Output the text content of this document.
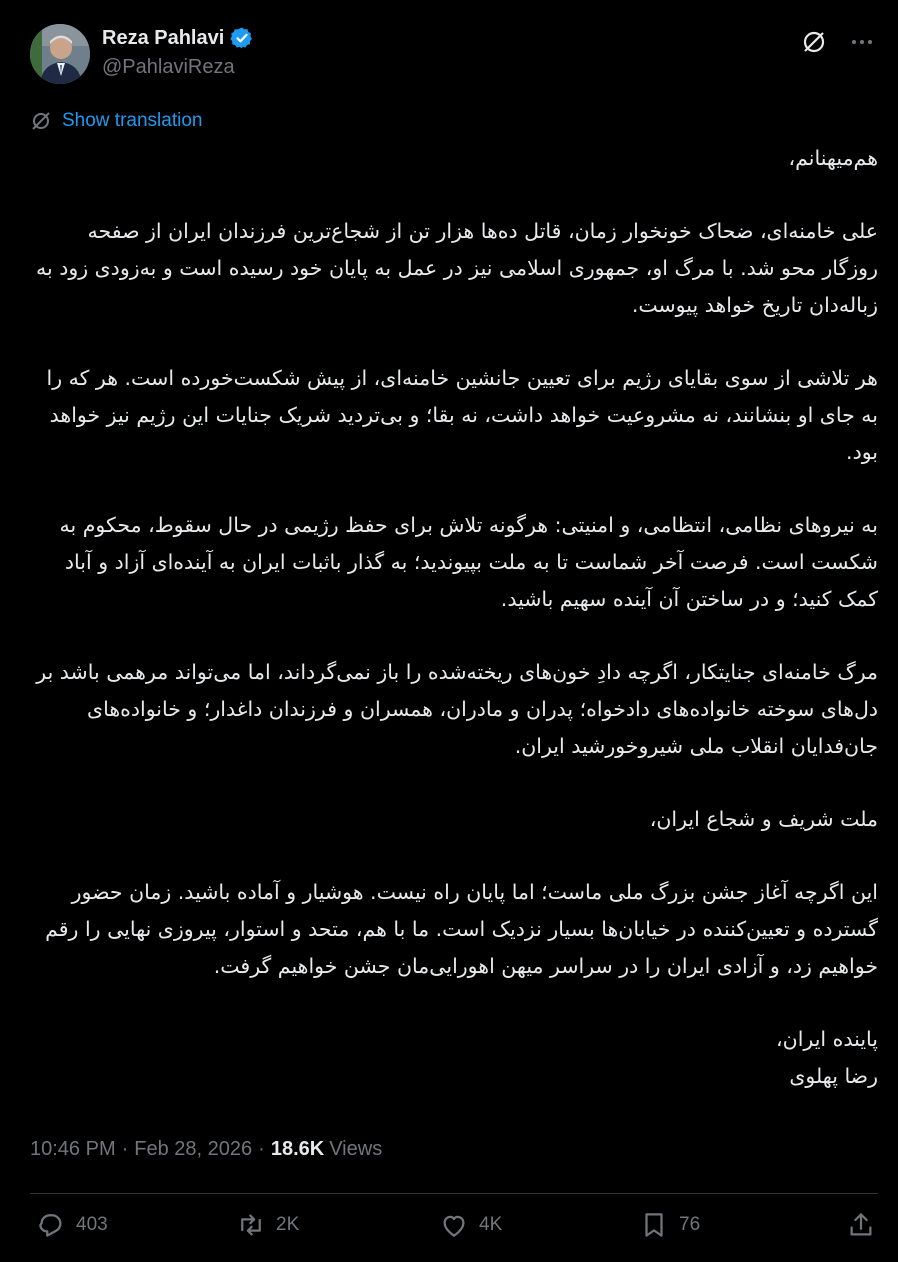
Reza Pahlavi
@PahlaviReza
Show translation

هم‌میهنانم،

علی خامنه‌ای، ضحاک خونخوار زمان، قاتل ده‌ها هزار تن از شجاع‌ترین فرزندان ایران از صفحه روزگار محو شد. با مرگ او، جمهوری اسلامی نیز در عمل به پایان خود رسیده است و به‌زودی زود به زباله‌دان تاریخ خواهد پیوست.

هر تلاشی از سوی بقایای رژیم برای تعیین جانشین خامنه‌ای، از پیش شکست‌خورده است. هر که را به جای او بنشانند، نه مشروعیت خواهد داشت، نه بقا؛ و بی‌تردید شریک جنایات این رژیم نیز خواهد بود.

به نیروهای نظامی، انتظامی، و امنیتی: هرگونه تلاش برای حفظ رژیمی در حال سقوط، محکوم به شکست است. فرصت آخر شماست تا به ملت بپیوندید؛ به گذار باثبات ایران به آینده‌ای آزاد و آباد کمک کنید؛ و در ساختن آن آینده سهیم باشید.

مرگ خامنه‌ای جنایتکار، اگرچه دادِ خون‌های ریخته‌شده را باز نمی‌گرداند، اما می‌تواند مرهمی باشد بر دل‌های سوخته خانواده‌های دادخواه؛ پدران و مادران، همسران و فرزندان داغدار؛ و خانواده‌های جان‌فدایان انقلاب ملی شیروخورشید ایران.

ملت شریف و شجاع ایران،

این اگرچه آغاز جشن بزرگ ملی ماست؛ اما پایان راه نیست. هوشیار و آماده باشید. زمان حضور گسترده و تعیین‌کننده در خیابان‌ها بسیار نزدیک است. ما با هم، متحد و استوار، پیروزی نهایی را رقم خواهیم زد، و آزادی ایران را در سراسر میهن اهورایی‌مان جشن خواهیم گرفت.

پاینده ایران،

رضا پهلوی

10:46 PM · Feb 28, 2026 · 18.6K Views
403	2K	4K	76
